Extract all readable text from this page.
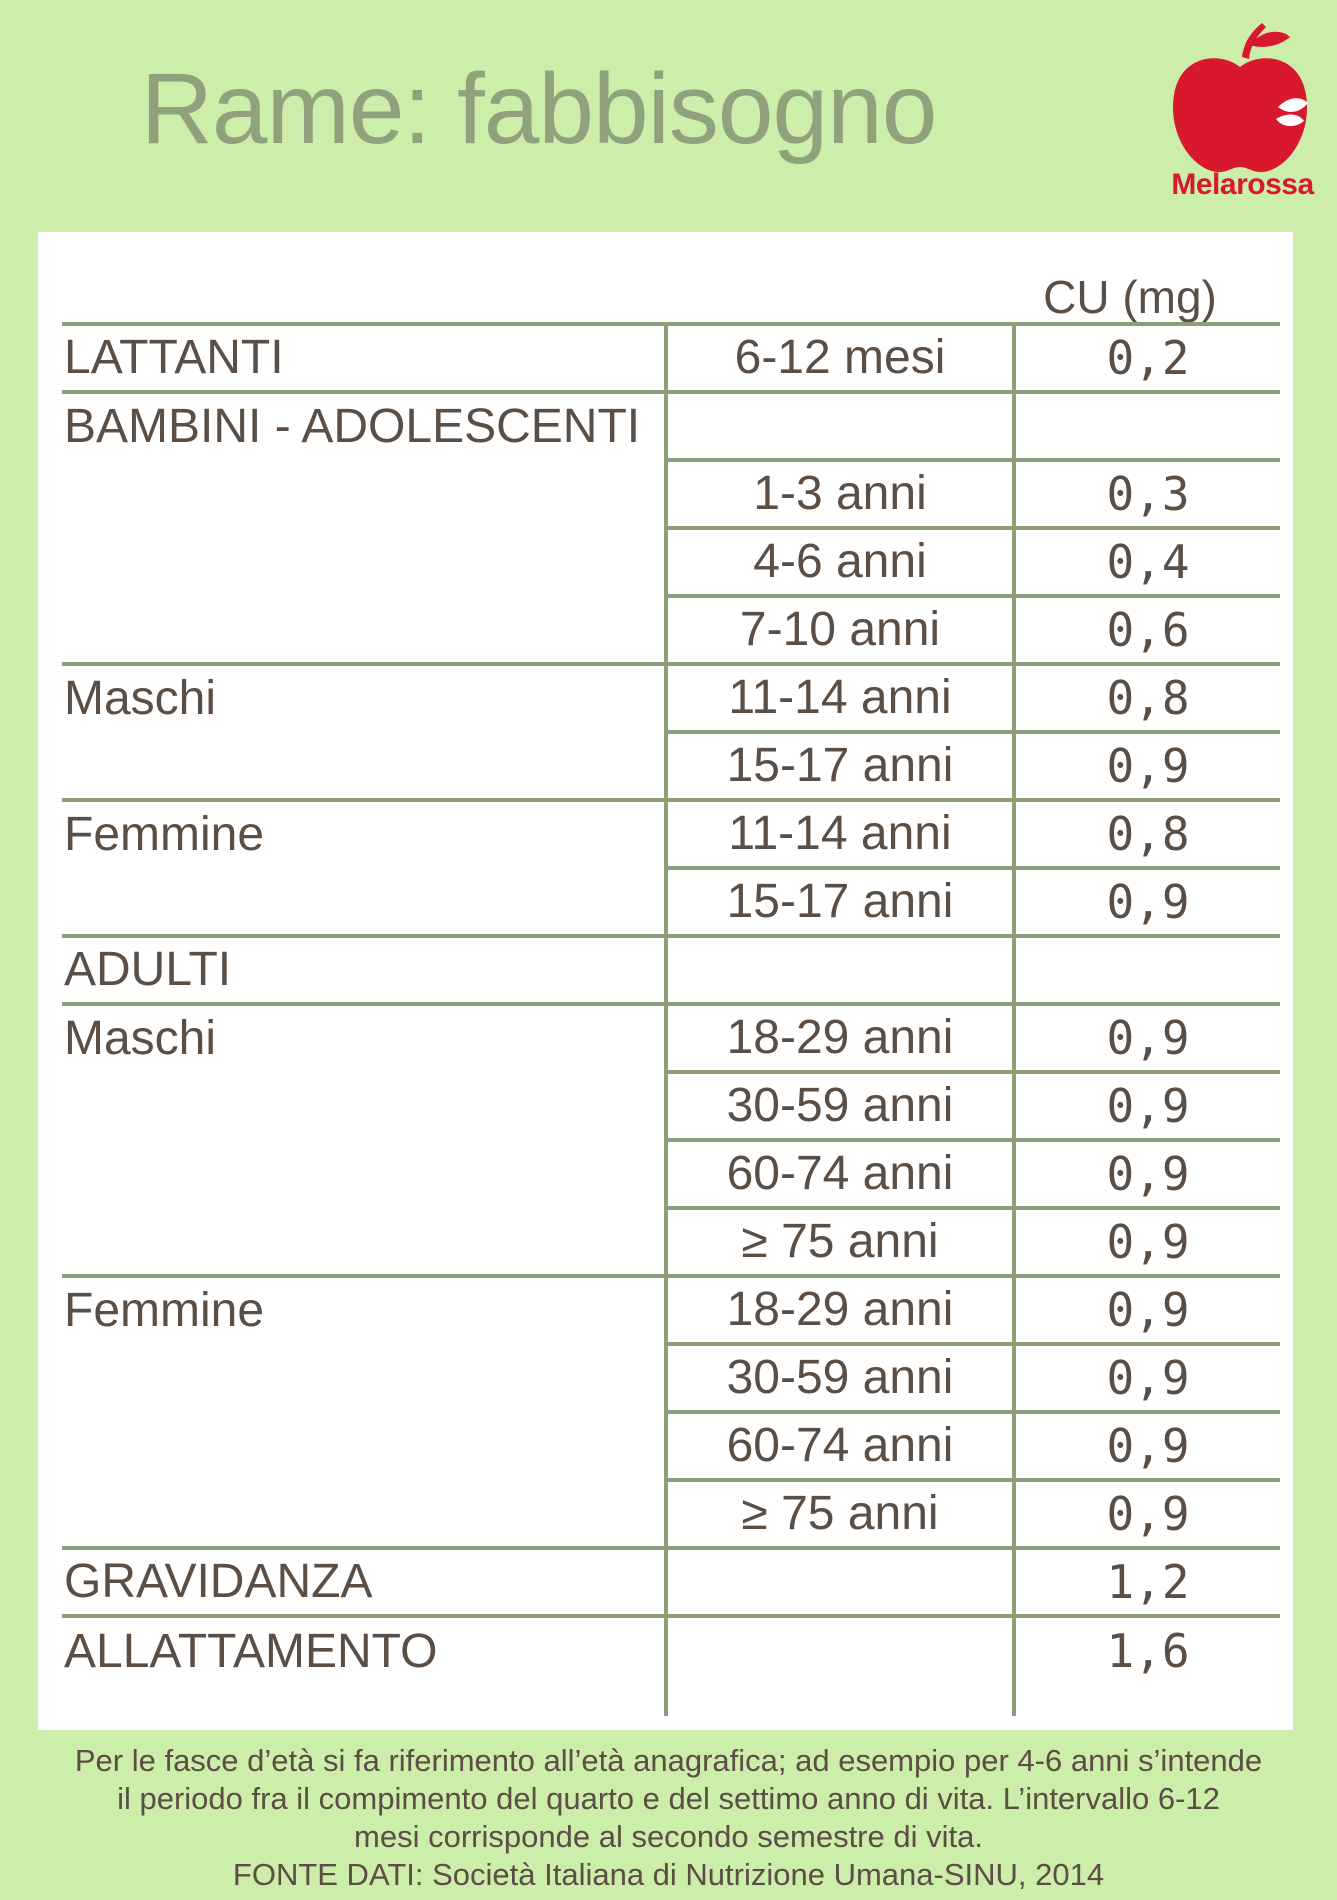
Rame: fabbisogno
Melarossa
CU (mg)
LATTANTI	6-12 mesi	0,2
BAMBINI - ADOLESCENTI		
	1-3 anni	0,3
	4-6 anni	0,4
	7-10 anni	0,6
Maschi	11-14 anni	0,8
	15-17 anni	0,9
Femmine	11-14 anni	0,8
	15-17 anni	0,9
ADULTI		
Maschi	18-29 anni	0,9
	30-59 anni	0,9
	60-74 anni	0,9
	≥ 75 anni	0,9
Femmine	18-29 anni	0,9
	30-59 anni	0,9
	60-74 anni	0,9
	≥ 75 anni	0,9
GRAVIDANZA		1,2
ALLATTAMENTO		1,6
Per le fasce d’età si fa riferimento all’età anagrafica; ad esempio per 4-6 anni s’intende
il periodo fra il compimento del quarto e del settimo anno di vita. L’intervallo 6-12
mesi corrisponde al secondo semestre di vita.
FONTE DATI: Società Italiana di Nutrizione Umana-SINU, 2014
